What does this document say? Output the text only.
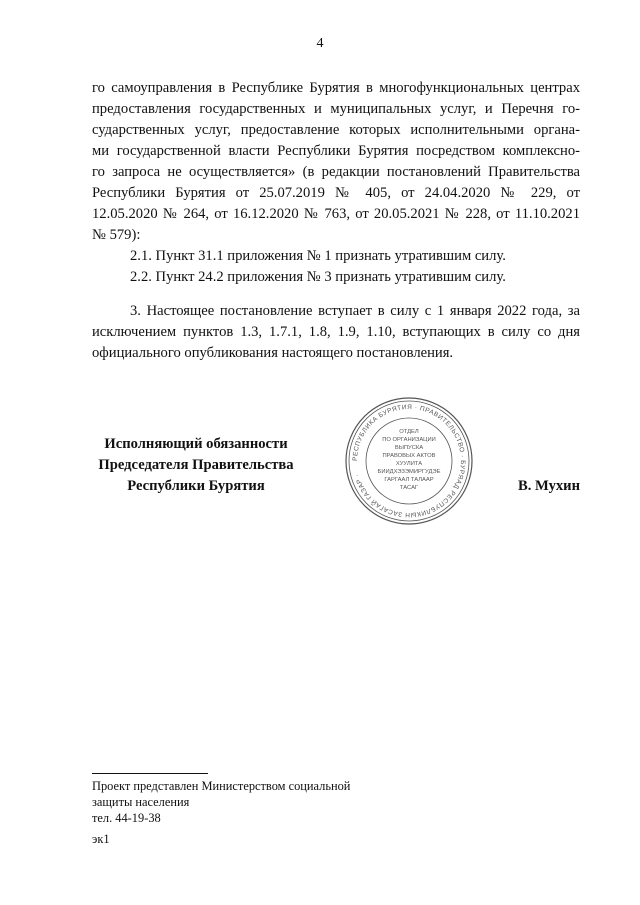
4

го самоуправления в Республике Бурятия в многофункциональных центрах

предоставления государственных и муниципальных услуг, и Перечня го-

сударственных услуг, предоставление которых исполнительными органа-

ми государственной власти Республики Бурятия посредством комплексно-

го запроса не осуществляется» (в редакции постановлений Правительства

Республики Бурятия от 25.07.2019 № 405, от 24.04.2020 № 229, от

12.05.2020 № 264, от 16.12.2020 № 763, от 20.05.2021 № 228, от 11.10.2021

№ 579):

2.1. Пункт 31.1 приложения № 1 признать утратившим силу.

2.2. Пункт 24.2 приложения № 3 признать утратившим силу.

3. Настоящее постановление вступает в силу с 1 января 2022 года, за

исключением пунктов 1.3, 1.7.1, 1.8, 1.9, 1.10, вступающих в силу со дня

официального опубликования настоящего постановления.

Исполняющий обязанности
Председателя Правительства
Республики Бурятия
РЕСПУБЛИКА БУРЯТИЯ · ПРАВИТЕЛЬСТВО · БУРЯАД РЕСПУБЛИКЫН ЗАСАГАЙ ГАЗАР ·
ОТДЕЛ
ПО ОРГАНИЗАЦИИ
ВЫПУСКА
ПРАВОВЫХ АКТОВ
ХУУЛИТА
БИИДХЭЗЭМИРГУДЭЕ
ГАРГААЛ ТАЛААР
ТАСАГ	В. Мухин

Проект представлен Министерством социальной

защиты населения

тел. 44-19-38

эк1
